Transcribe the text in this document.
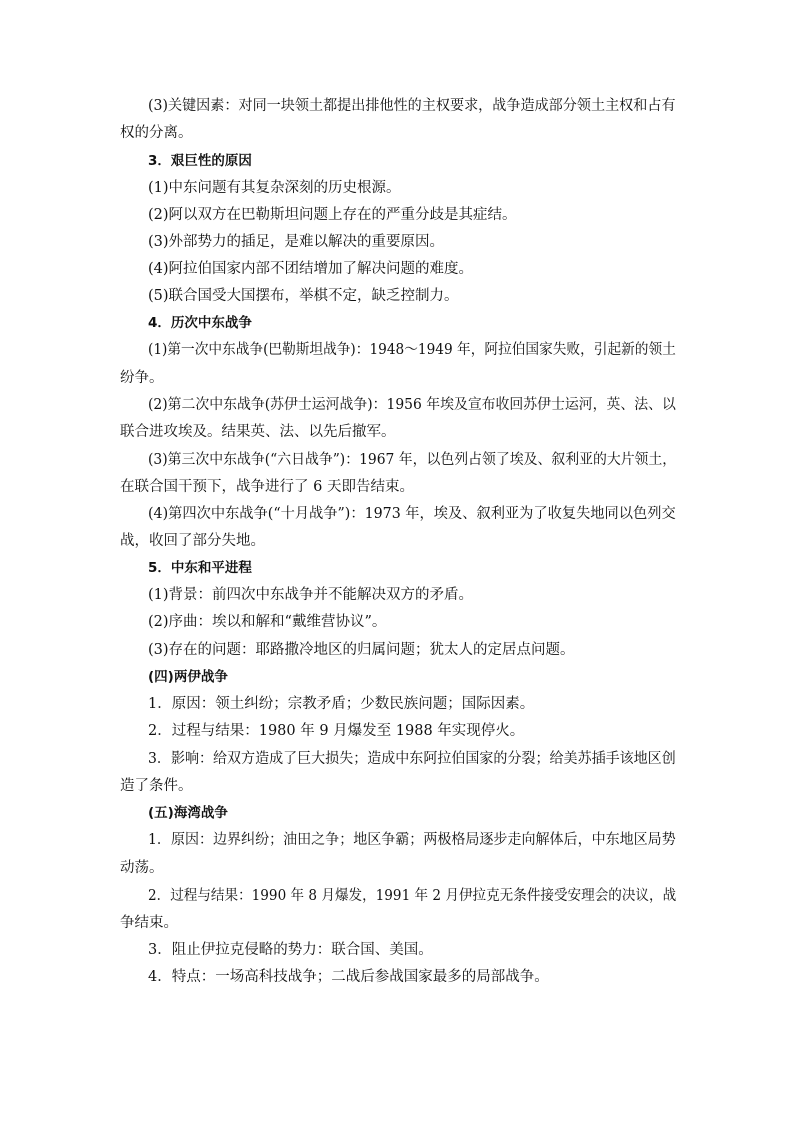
(3)关键因素：对同一块领土都提出排他性的主权要求，战争造成部分领土主权和占有
权的分离。
3．艰巨性的原因
(1)中东问题有其复杂深刻的历史根源。
(2)阿以双方在巴勒斯坦问题上存在的严重分歧是其症结。
(3)外部势力的插足，是难以解决的重要原因。
(4)阿拉伯国家内部不团结增加了解决问题的难度。
(5)联合国受大国摆布，举棋不定，缺乏控制力。
4．历次中东战争
(1)第一次中东战争(巴勒斯坦战争)：1948～1949 年，阿拉伯国家失败，引起新的领土
纷争。
(2)第二次中东战争(苏伊士运河战争)：1956 年埃及宣布收回苏伊士运河，英、法、以
联合进攻埃及。结果英、法、以先后撤军。
(3)第三次中东战争(“六日战争”)：1967 年，以色列占领了埃及、叙利亚的大片领土，
在联合国干预下，战争进行了 6 天即告结束。
(4)第四次中东战争(“十月战争”)：1973 年，埃及、叙利亚为了收复失地同以色列交
战，收回了部分失地。
5．中东和平进程
(1)背景：前四次中东战争并不能解决双方的矛盾。
(2)序曲：埃以和解和“戴维营协议”。
(3)存在的问题：耶路撒冷地区的归属问题；犹太人的定居点问题。
(四)两伊战争
1．原因：领土纠纷；宗教矛盾；少数民族问题；国际因素。
2．过程与结果：1980 年 9 月爆发至 1988 年实现停火。
3．影响：给双方造成了巨大损失；造成中东阿拉伯国家的分裂；给美苏插手该地区创
造了条件。
(五)海湾战争
1．原因：边界纠纷；油田之争；地区争霸；两极格局逐步走向解体后，中东地区局势
动荡。
2．过程与结果：1990 年 8 月爆发，1991 年 2 月伊拉克无条件接受安理会的决议，战
争结束。
3．阻止伊拉克侵略的势力：联合国、美国。
4．特点：一场高科技战争；二战后参战国家最多的局部战争。
